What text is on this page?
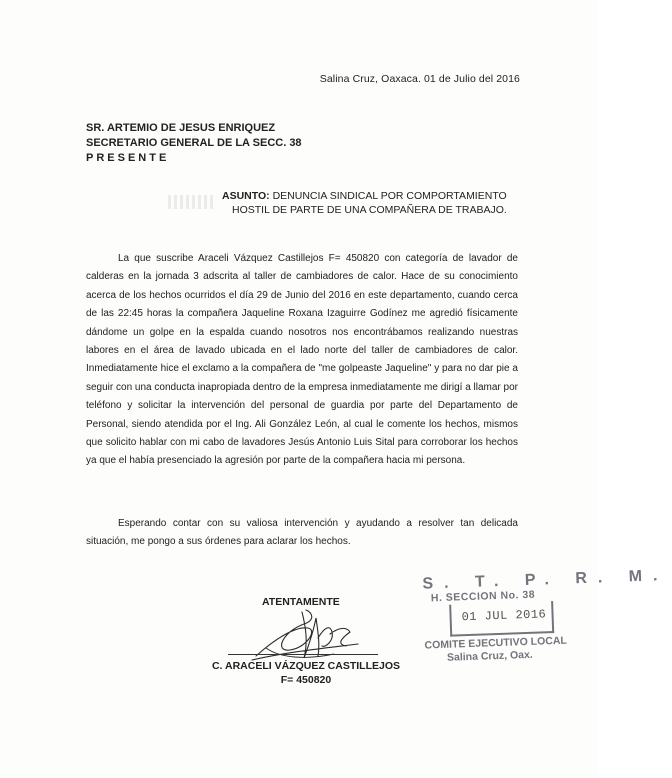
Salina Cruz, Oaxaca. 01 de Julio del 2016
SR. ARTEMIO DE JESUS ENRIQUEZ
SECRETARIO GENERAL DE LA SECC. 38
PRESENTE
ASUNTO: DENUNCIA SINDICAL POR COMPORTAMIENTO
HOSTIL DE PARTE DE UNA COMPAÑERA DE TRABAJO.

La que suscribe Araceli Vázquez Castillejos F= 450820 con categoría de lavador de calderas en la jornada 3 adscrita al taller de cambiadores de calor. Hace de su conocimiento acerca de los hechos ocurridos el día 29 de Junio del 2016 en este departamento, cuando cerca de las 22:45 horas la compañera Jaqueline Roxana Izaguirre Godínez me agredió físicamente dándome un golpe en la espalda cuando nosotros nos encontrábamos realizando nuestras labores en el área de lavado ubicada en el lado norte del taller de cambiadores de calor. Inmediatamente hice el exclamo a la compañera de "me golpeaste Jaqueline" y para no dar pie a seguir con una conducta inapropiada dentro de la empresa inmediatamente me dirigí a llamar por teléfono y solicitar la intervención del personal de guardia por parte del Departamento de Personal, siendo atendida por el Ing. Ali González León, al cual le comente los hechos, mismos que solicito hablar con mi cabo de lavadores Jesús Antonio Luis Sital para corroborar los hechos ya que el había presenciado la agresión por parte de la compañera hacia mi persona.

Esperando contar con su valiosa intervención y ayudando a resolver tan delicada situación, me pongo a sus órdenes para aclarar los hechos.

ATENTAMENTE
C. ARACELI VÁZQUEZ CASTILLEJOS
F= 450820
S. T. P. R. M.
H. SECCION No. 38
01 JUL 2016
COMITE EJECUTIVO LOCAL
Salina Cruz, Oax.
